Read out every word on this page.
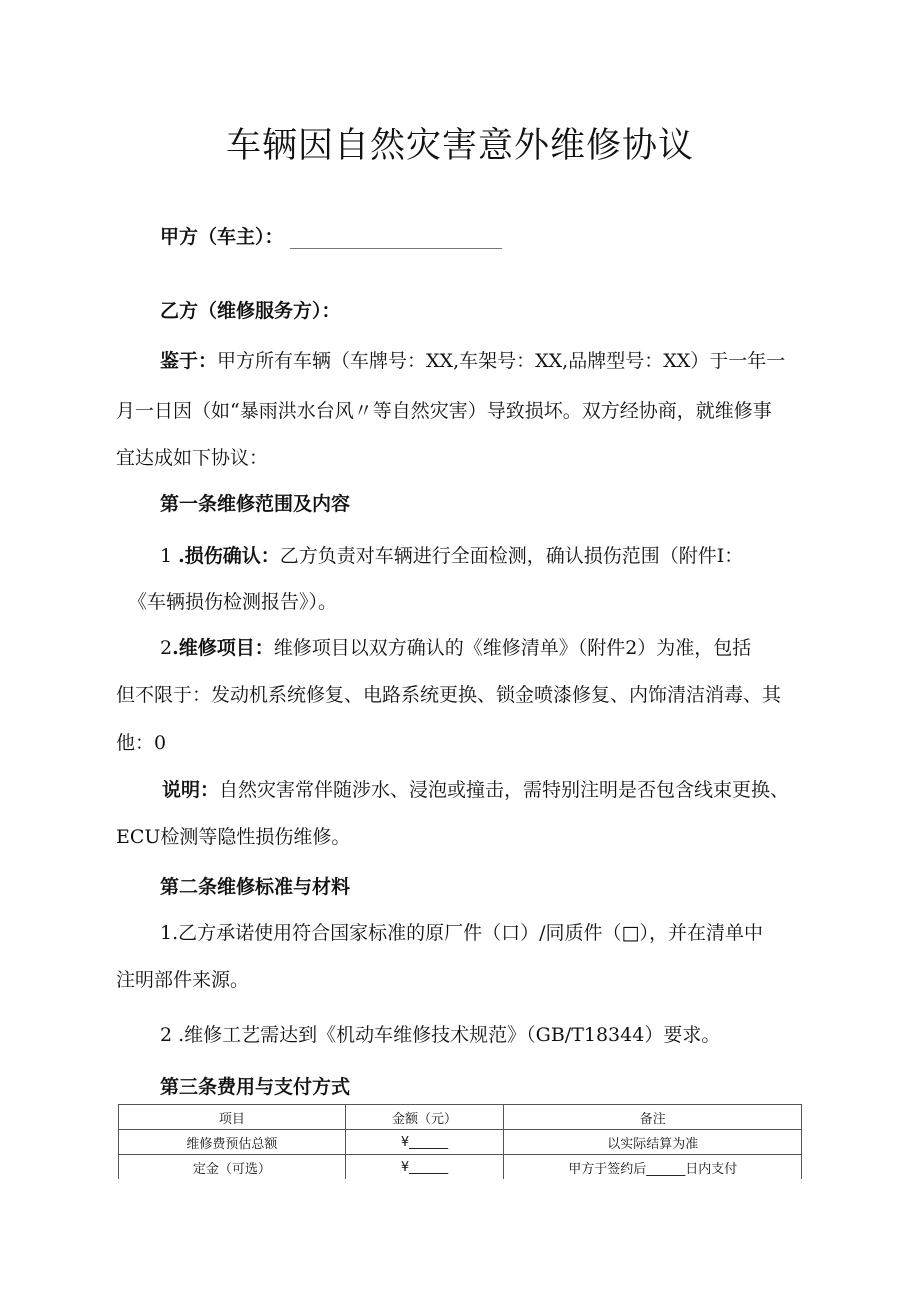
车辆因自然灾害意外维修协议
甲方（车主）：
乙方（维修服务方）：
鉴于：甲方所有车辆（车牌号：XX,车架号：XX,品牌型号：XX）于一年一
月一日因（如“暴雨洪水台风〃等自然灾害）导致损坏。双方经协商，就维修事
宜达成如下协议：
第一条维修范围及内容
1 .损伤确认：乙方负责对车辆进行全面检测，确认损伤范围（附件I：
《车辆损伤检测报告》）。
2.维修项目：维修项目以双方确认的《维修清单》（附件2）为准，包括
但不限于：发动机系统修复、电路系统更换、锁金喷漆修复、内饰清洁消毒、其
他：0
说明：自然灾害常伴随涉水、浸泡或撞击，需特别注明是否包含线束更换、
ECU检测等隐性损伤维修。
第二条维修标准与材料
1.乙方承诺使用符合国家标准的原厂件（口）/同质件（□），并在清单中
注明部件来源。
2 .维修工艺需达到《机动车维修技术规范》（GB/T18344）要求。
第三条费用与支付方式
项目	金额（元）	备注
维修费预估总额	¥______	以实际结算为准
定金（可选）	¥______	甲方于签约后______日内支付
